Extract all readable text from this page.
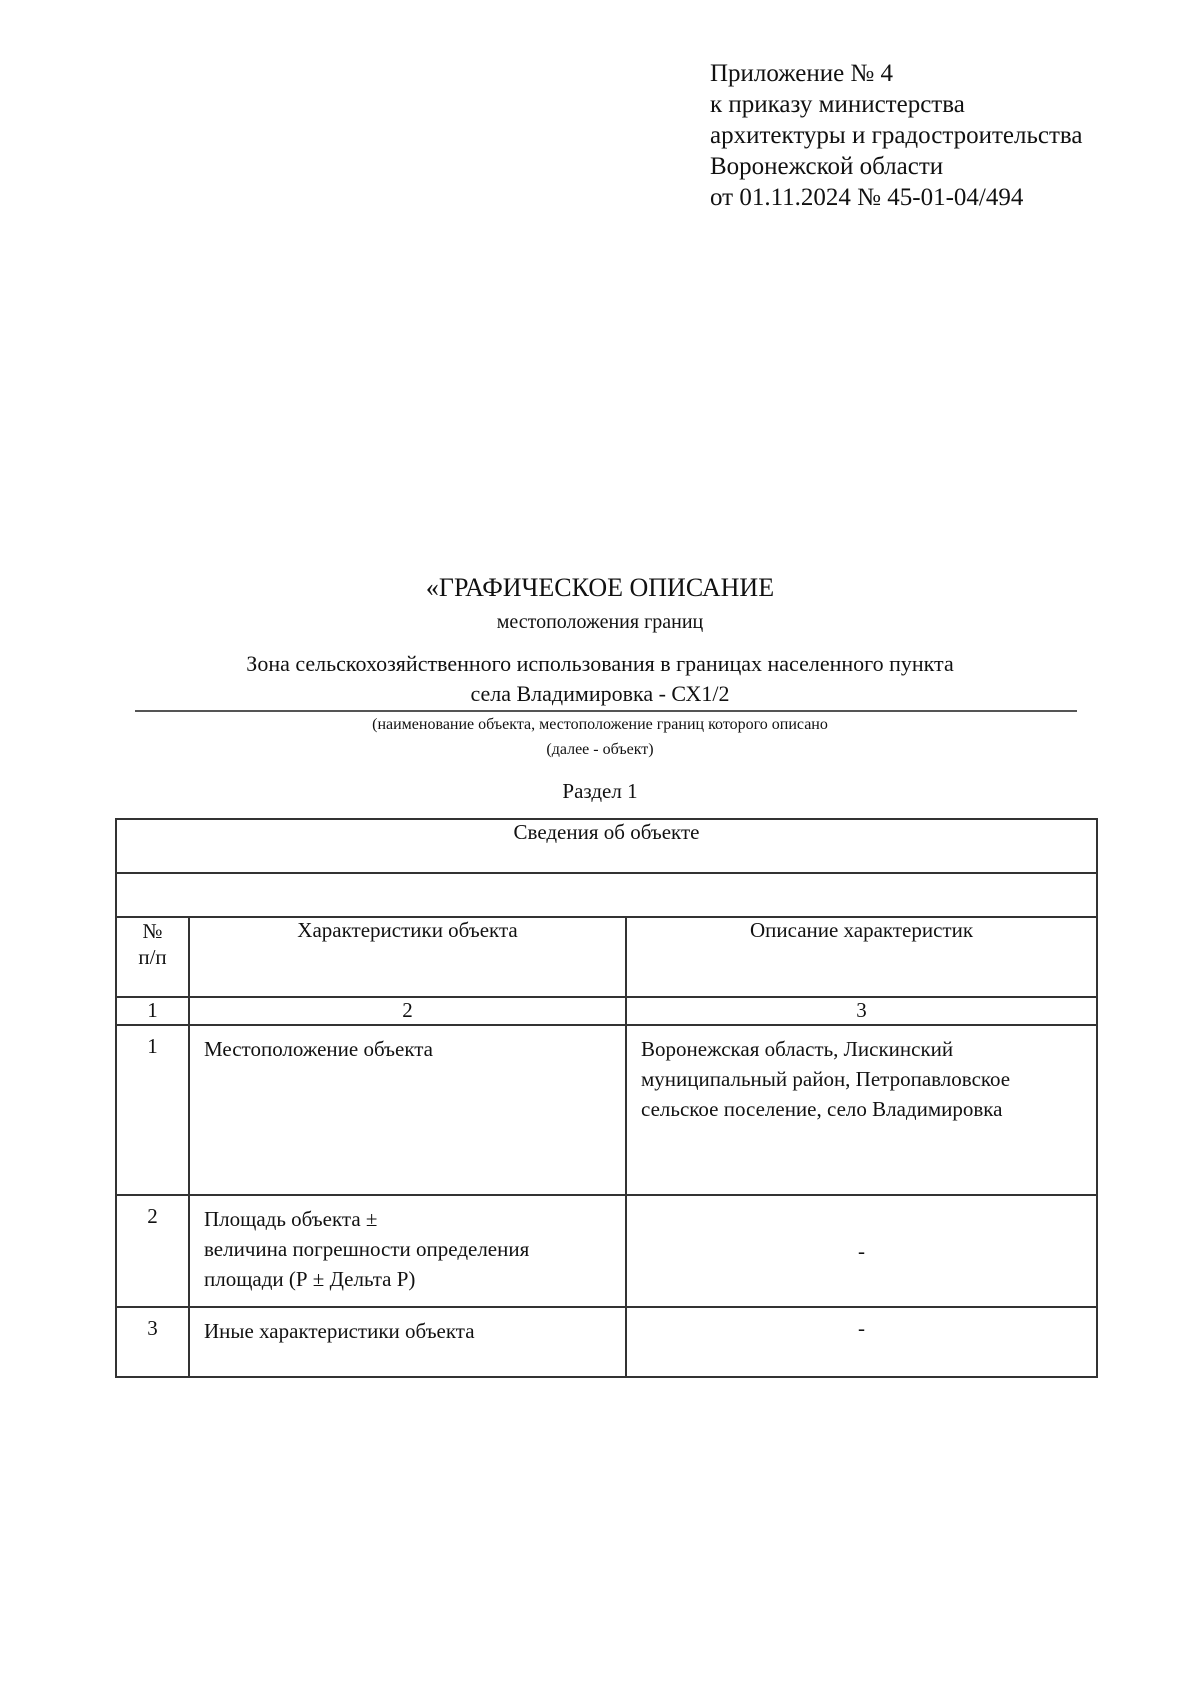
Приложение № 4
к приказу министерства
архитектуры и градостроительства
Воронежской области
от 01.11.2024 № 45-01-04/494
«ГРАФИЧЕСКОЕ ОПИСАНИЕ
местоположения границ
Зона сельскохозяйственного использования в границах населенного пункта
села Владимировка - СХ1/2
(наименование объекта, местоположение границ которого описано
(далее - объект)
Раздел 1
Сведения об объекте		

№
п/п	Характеристики объекта	Описание характеристик
1	2	3
1	Местоположение объекта	Воронежская область, Лискинский
муниципальный район, Петропавловское
сельское поселение, село Владимировка

2	Площадь объекта ±
величина погрешности определения
площади (Р ± Дельта Р)	-
3	Иные характеристики объекта	-
